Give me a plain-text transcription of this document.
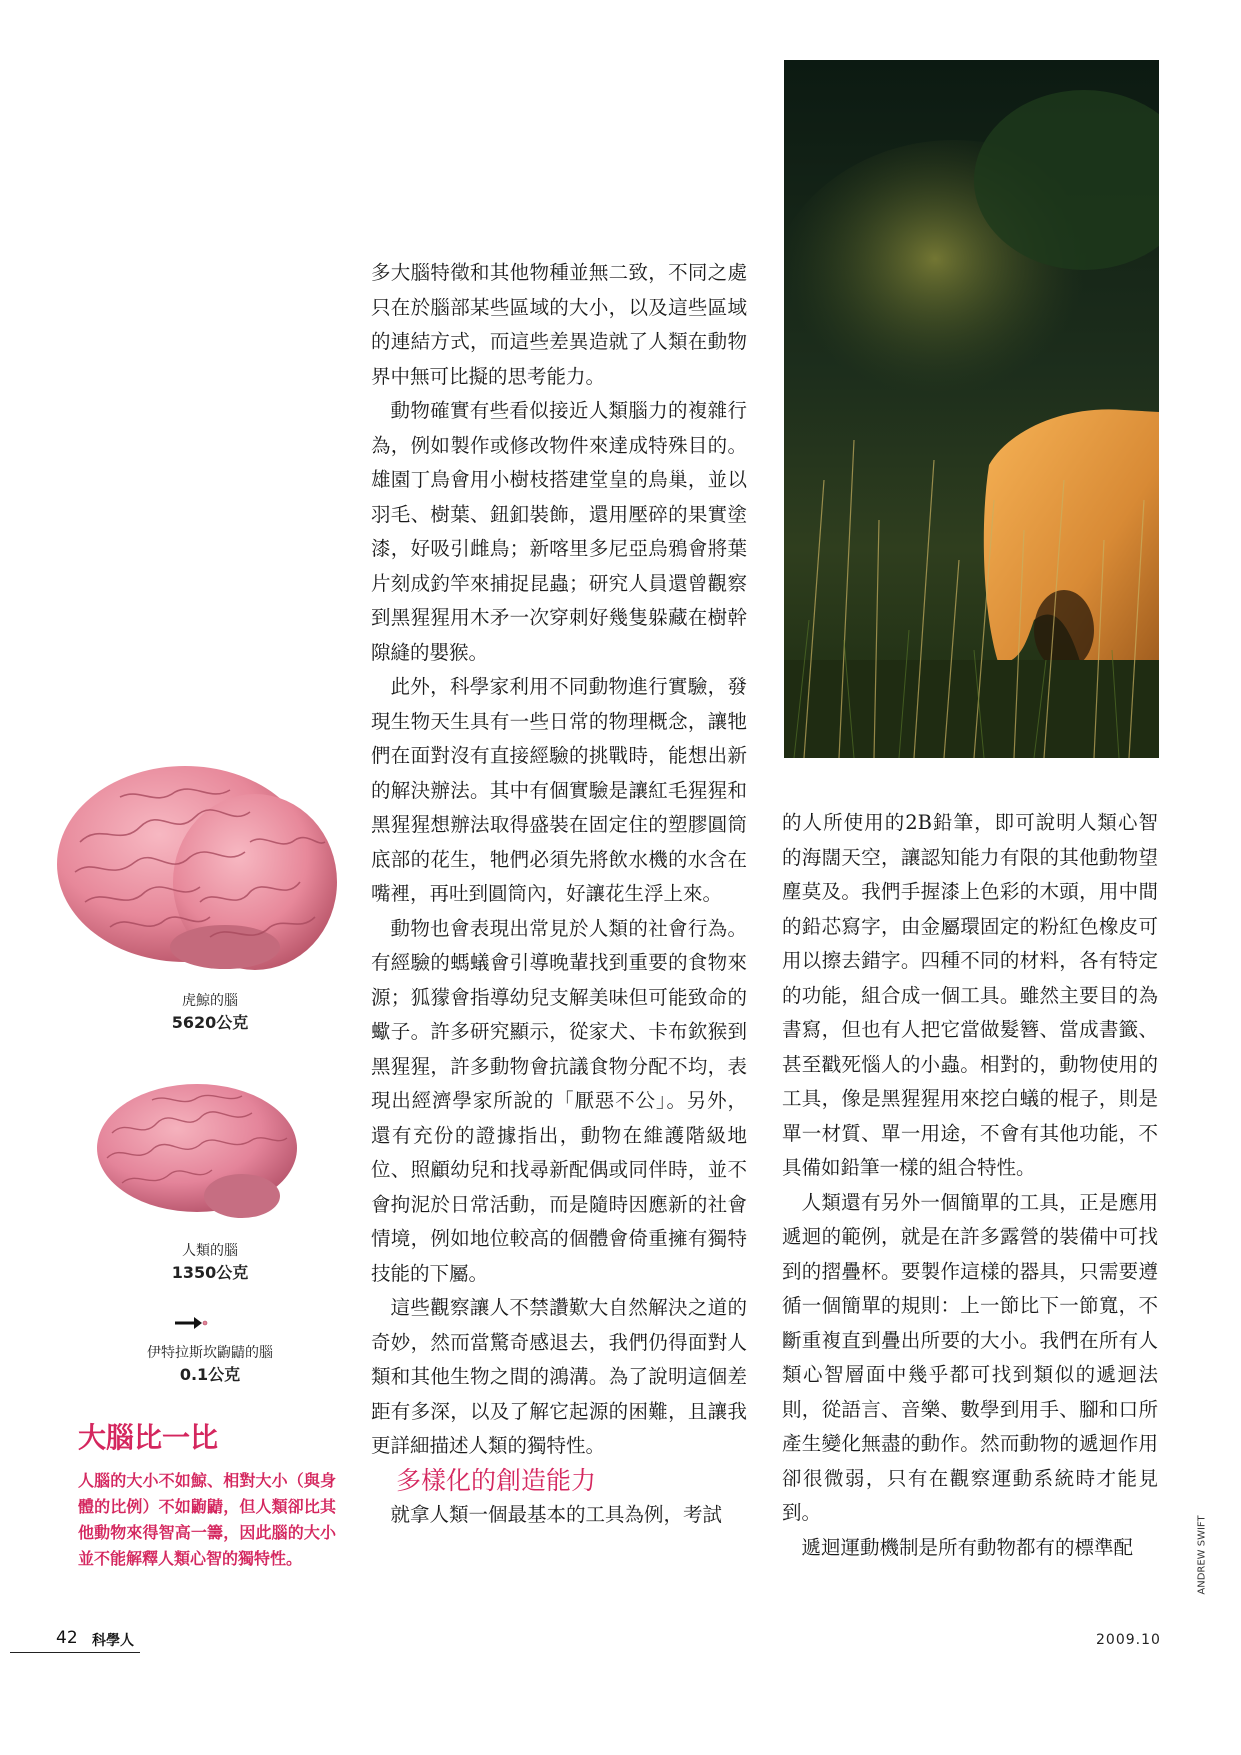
多大腦特徵和其他物種並無二致，不同之處只在於腦部某些區域的大小，以及這些區域的連結方式，而這些差異造就了人類在動物界中無可比擬的思考能力。

動物確實有些看似接近人類腦力的複雜行為，例如製作或修改物件來達成特殊目的。雄園丁鳥會用小樹枝搭建堂皇的鳥巢，並以羽毛、樹葉、鈕釦裝飾，還用壓碎的果實塗漆，好吸引雌鳥；新喀里多尼亞烏鴉會將葉片刻成釣竿來捕捉昆蟲；研究人員還曾觀察到黑猩猩用木矛一次穿刺好幾隻躲藏在樹幹隙縫的嬰猴。

此外，科學家利用不同動物進行實驗，發現生物天生具有一些日常的物理概念，讓牠們在面對沒有直接經驗的挑戰時，能想出新的解決辦法。其中有個實驗是讓紅毛猩猩和黑猩猩想辦法取得盛裝在固定住的塑膠圓筒底部的花生，牠們必須先將飲水機的水含在嘴裡，再吐到圓筒內，好讓花生浮上來。

動物也會表現出常見於人類的社會行為。有經驗的螞蟻會引導晚輩找到重要的食物來源；狐獴會指導幼兒支解美味但可能致命的蠍子。許多研究顯示，從家犬、卡布欽猴到黑猩猩，許多動物會抗議食物分配不均，表現出經濟學家所說的「厭惡不公」。另外，還有充份的證據指出，動物在維護階級地位、照顧幼兒和找尋新配偶或同伴時，並不會拘泥於日常活動，而是隨時因應新的社會情境，例如地位較高的個體會倚重擁有獨特技能的下屬。

這些觀察讓人不禁讚歎大自然解決之道的奇妙，然而當驚奇感退去，我們仍得面對人類和其他生物之間的鴻溝。為了說明這個差距有多深，以及了解它起源的困難，且讓我更詳細描述人類的獨特性。

多樣化的創造能力

就拿人類一個最基本的工具為例，考試

的人所使用的2B鉛筆，即可說明人類心智的海闊天空，讓認知能力有限的其他動物望塵莫及。我們手握漆上色彩的木頭，用中間的鉛芯寫字，由金屬環固定的粉紅色橡皮可用以擦去錯字。四種不同的材料，各有特定的功能，組合成一個工具。雖然主要目的為書寫，但也有人把它當做髮簪、當成書籤、甚至戳死惱人的小蟲。相對的，動物使用的工具，像是黑猩猩用來挖白蟻的棍子，則是單一材質、單一用途，不會有其他功能，不具備如鉛筆一樣的組合特性。

人類還有另外一個簡單的工具，正是應用遞迴的範例，就是在許多露營的裝備中可找到的摺疊杯。要製作這樣的器具，只需要遵循一個簡單的規則：上一節比下一節寬，不斷重複直到疊出所要的大小。我們在所有人類心智層面中幾乎都可找到類似的遞迴法則，從語言、音樂、數學到用手、腳和口所產生變化無盡的動作。然而動物的遞迴作用卻很微弱，只有在觀察運動系統時才能見到。

遞迴運動機制是所有動物都有的標準配	ANDREW SWIFT
虎鯨的腦
5620公克
人類的腦
1350公克
伊特拉斯坎鼩鼱的腦
0.1公克
大腦比一比
人腦的大小不如鯨、相對大小（與身體的比例）不如鼩鼱，但人類卻比其他動物來得智高一籌，因此腦的大小並不能解釋人類心智的獨特性。
42 科學人	2009.10
